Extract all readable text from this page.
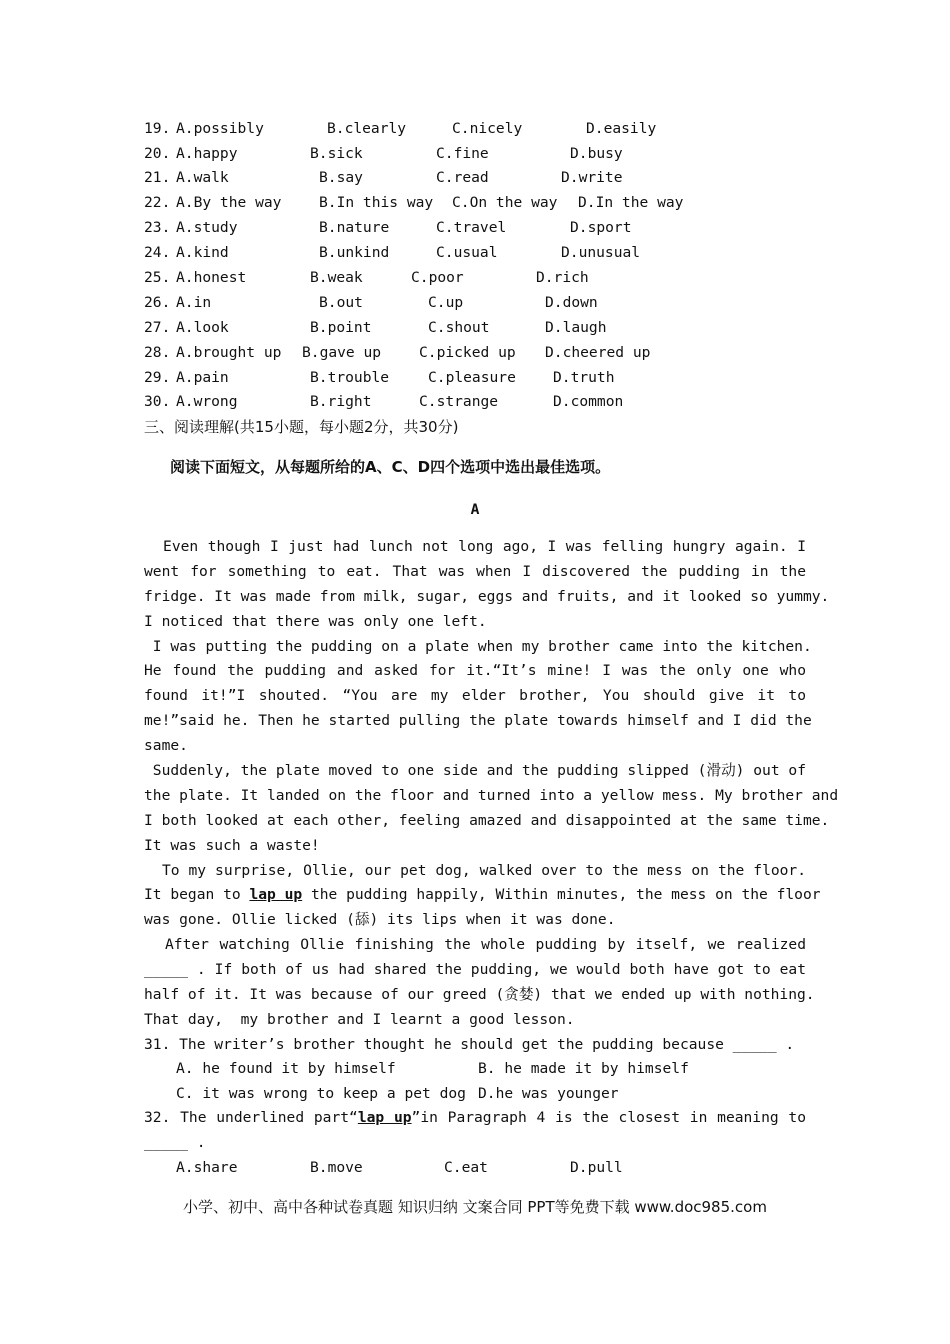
19. A.possibly	B.clearly	C.nicely	D.easily
20. A.happy	B.sick	C.fine	D.busy
21. A.walk	B.say	C.read	D.write
22. A.By the way	B.In this way C.On the way D.In the way
23. A.study	B.nature	C.travel	D.sport
24. A.kind	B.unkind	C.usual	D.unusual
25. A.honest	B.weak	C.poor	D.rich
26. A.in	B.out	C.up	D.down
27. A.look	B.point	C.shout	D.laugh
28. A.brought up B.gave up	C.picked up D.cheered up
29. A.pain	B.trouble	C.pleasure	D.truth
30. A.wrong	B.right	C.strange	D.common
三、阅读理解(共15小题，每小题2分，共30分)
阅读下面短文，从每题所给的A、C、D四个选项中选出最佳选项。
A
Even though I just had lunch not long ago, I was felling hungry again. I
went for something to eat. That was when I discovered the pudding in the
fridge. It was made from milk, sugar, eggs and fruits, and it looked so yummy.
I noticed that there was only one left.
I was putting the pudding on a plate when my brother came into the kitchen.
He found the pudding and asked for it.“It’s mine! I was the only one who
found it!”I shouted. “You are my elder brother, You should give it to
me!”said he. Then he started pulling the plate towards himself and I did the
same.
Suddenly, the plate moved to one side and the pudding slipped (滑动) out of
the plate. It landed on the floor and turned into a yellow mess. My brother and
I both looked at each other, feeling amazed and disappointed at the same time.
It was such a waste!
To my surprise, Ollie, our pet dog, walked over to the mess on the floor.
It began to lap up the pudding happily, Within minutes, the mess on the floor
was gone. Ollie licked (舔) its lips when it was done.
After watching Ollie finishing the whole pudding by itself, we realized
_____ . If both of us had shared the pudding, we would both have got to eat
half of it. It was because of our greed (贪婪) that we ended up with nothing.
That day,  my brother and I learnt a good lesson.
31. The writer’s brother thought he should get the pudding because _____ .
A. he found it by himself	B. he made it by himself
C. it was wrong to keep a pet dog D.he was younger
32. The underlined part“lap up”in Paragraph 4 is the closest in meaning to
_____ .
A.share	B.move	C.eat	D.pull
小学、初中、高中各种试卷真题 知识归纳 文案合同 PPT等免费下载 www.doc985.com
